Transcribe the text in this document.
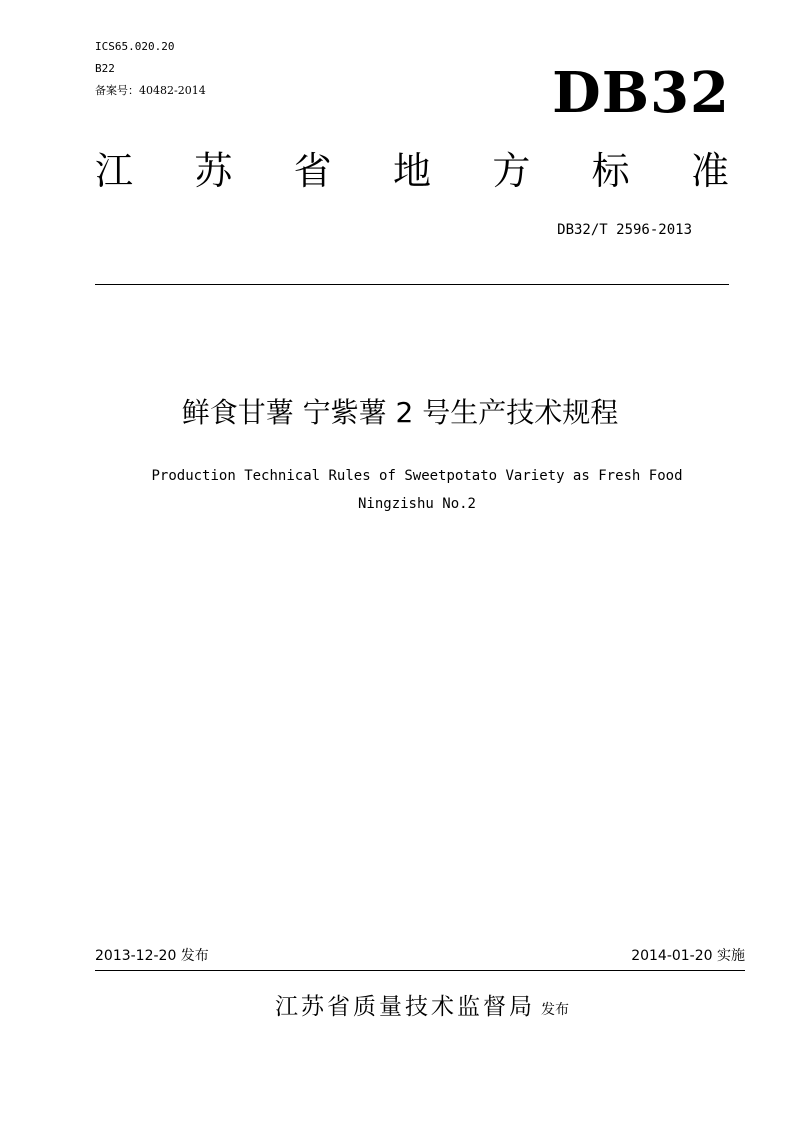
ICS65.020.20
B22
备案号：40482-2014	DB32
江 苏 省 地 方 标 准
DB32/T 2596-2013
鲜食甘薯 宁紫薯 2 号生产技术规程
Production Technical Rules of Sweetpotato Variety as Fresh Food
Ningzishu No.2
2013-12-20 发布	2014-01-20 实施
江苏省质量技术监督局 发布
